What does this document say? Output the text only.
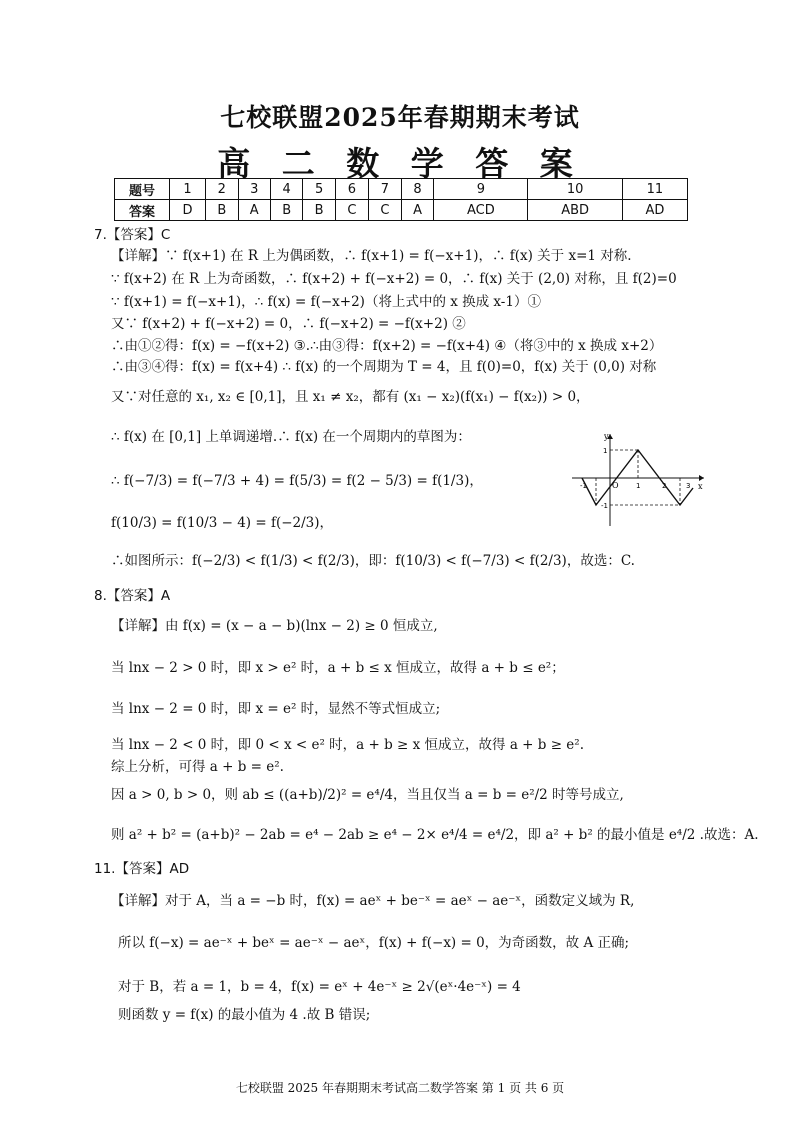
七校联盟2025年春期期末考试
高 二 数 学 答 案
题号	1	2	3	4	5	6	7	8	9	10	11
答案	D	B	A	B	B	C	C	A	ACD	ABD	AD
7.【答案】C
【详解】∵ f(x+1) 在 R 上为偶函数，∴ f(x+1) = f(−x+1)，∴ f(x) 关于 x=1 对称.
∵ f(x+2) 在 R 上为奇函数，∴ f(x+2) + f(−x+2) = 0，∴ f(x) 关于 (2,0) 对称，且 f(2)=0
∵ f(x+1) = f(−x+1)，∴ f(x) = f(−x+2)（将上式中的 x 换成 x-1）①
又∵ f(x+2) + f(−x+2) = 0，∴ f(−x+2) = −f(x+2) ②
∴由①②得：f(x) = −f(x+2) ③.∴由③得：f(x+2) = −f(x+4) ④（将③中的 x 换成 x+2）
∴由③④得：f(x) = f(x+4) ∴ f(x) 的一个周期为 T = 4，且 f(0)=0，f(x) 关于 (0,0) 对称
又∵对任意的 x₁, x₂ ∈ [0,1]，且 x₁ ≠ x₂，都有 (x₁ − x₂)(f(x₁) − f(x₂)) > 0，
∴ f(x) 在 [0,1] 上单调递增.∴ f(x) 在一个周期内的草图为：
∴ f(−7/3) = f(−7/3 + 4) = f(5/3) = f(2 − 5/3) = f(1/3)，
f(10/3) = f(10/3 − 4) = f(−2/3)，
∴如图所示：f(−2/3) < f(1/3) < f(2/3)，即：f(10/3) < f(−7/3) < f(2/3)，故选：C.
y
x
O
-1	1	2	3
1
-1
8.【答案】A
【详解】由 f(x) = (x − a − b)(lnx − 2) ≥ 0 恒成立,
当 lnx − 2 > 0 时，即 x > e² 时，a + b ≤ x 恒成立，故得 a + b ≤ e²；
当 lnx − 2 = 0 时，即 x = e² 时，显然不等式恒成立;
当 lnx − 2 < 0 时，即 0 < x < e² 时，a + b ≥ x 恒成立，故得 a + b ≥ e².
综上分析，可得 a + b = e².
因 a > 0, b > 0，则 ab ≤ ((a+b)/2)² = e⁴/4，当且仅当 a = b = e²/2 时等号成立,
则 a² + b² = (a+b)² − 2ab = e⁴ − 2ab ≥ e⁴ − 2× e⁴/4 = e⁴/2，即 a² + b² 的最小值是 e⁴/2 .故选：A.
11.【答案】AD
【详解】对于 A，当 a = −b 时，f(x) = aeˣ + be⁻ˣ = aeˣ − ae⁻ˣ，函数定义域为 R,
所以 f(−x) = ae⁻ˣ + beˣ = ae⁻ˣ − aeˣ，f(x) + f(−x) = 0，为奇函数，故 A 正确;
对于 B，若 a = 1，b = 4，f(x) = eˣ + 4e⁻ˣ ≥ 2√(eˣ·4e⁻ˣ) = 4
则函数 y = f(x) 的最小值为 4 .故 B 错误;
七校联盟 2025 年春期期末考试高二数学答案 第 1 页 共 6 页
